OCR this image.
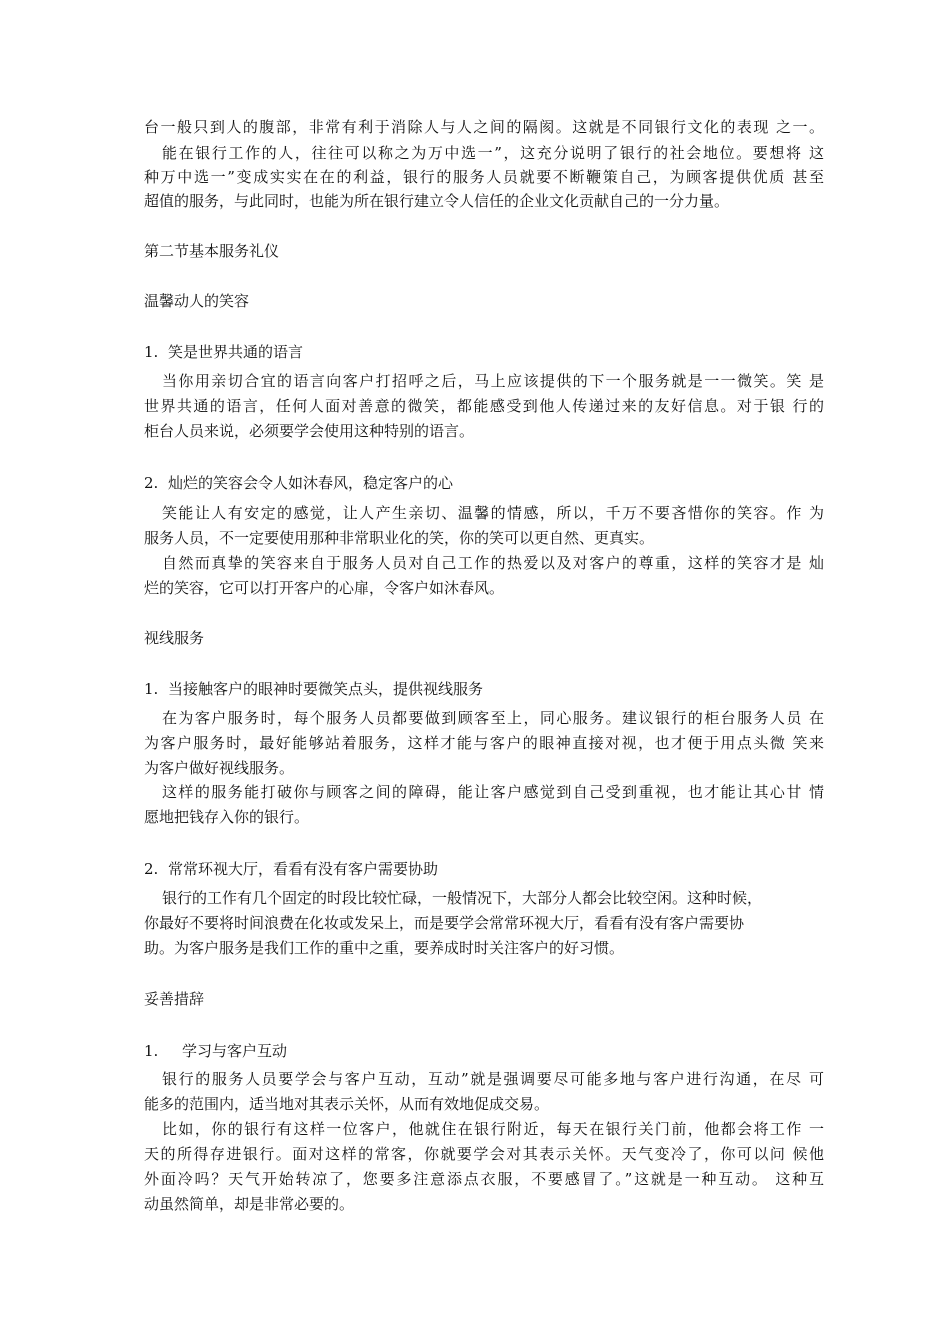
台一般只到人的腹部，非常有利于消除人与人之间的隔阂。这就是不同银行文化的表现 之一。
能在银行工作的人，往往可以称之为万中选一”，这充分说明了银行的社会地位。要想将 这
种万中选一”变成实实在在的利益，银行的服务人员就要不断鞭策自己，为顾客提供优质 甚至
超值的服务，与此同时，也能为所在银行建立令人信任的企业文化贡献自己的一分力量。
第二节基本服务礼仪
温馨动人的笑容
1. 笑是世界共通的语言
当你用亲切合宜的语言向客户打招呼之后，马上应该提供的下一个服务就是一一微笑。笑 是
世界共通的语言，任何人面对善意的微笑，都能感受到他人传递过来的友好信息。对于银 行的
柜台人员来说，必须要学会使用这种特别的语言。
2. 灿烂的笑容会令人如沐春风，稳定客户的心
笑能让人有安定的感觉，让人产生亲切、温馨的情感，所以，千万不要吝惜你的笑容。作 为
服务人员，不一定要使用那种非常职业化的笑，你的笑可以更自然、更真实。
自然而真挚的笑容来自于服务人员对自己工作的热爱以及对客户的尊重，这样的笑容才是 灿
烂的笑容，它可以打开客户的心扉，令客户如沐春风。
视线服务
1. 当接触客户的眼神时要微笑点头，提供视线服务
在为客户服务时，每个服务人员都要做到顾客至上，同心服务。建议银行的柜台服务人员 在
为客户服务时，最好能够站着服务，这样才能与客户的眼神直接对视，也才便于用点头微 笑来
为客户做好视线服务。
这样的服务能打破你与顾客之间的障碍，能让客户感觉到自己受到重视，也才能让其心甘 情
愿地把钱存入你的银行。
2. 常常环视大厅，看看有没有客户需要协助
银行的工作有几个固定的时段比较忙碌，一般情况下，大部分人都会比较空闲。这种时候，
你最好不要将时间浪费在化妆或发呆上，而是要学会常常环视大厅，看看有没有客户需要协
助。为客户服务是我们工作的重中之重，要养成时时关注客户的好习惯。
妥善措辞
1. 学习与客户互动
银行的服务人员要学会与客户互动，互动”就是强调要尽可能多地与客户进行沟通，在尽 可
能多的范围内，适当地对其表示关怀，从而有效地促成交易。
比如，你的银行有这样一位客户，他就住在银行附近，每天在银行关门前，他都会将工作 一
天的所得存进银行。面对这样的常客，你就要学会对其表示关怀。天气变冷了，你可以问 候他
外面冷吗？天气开始转凉了，您要多注意添点衣服，不要感冒了。”这就是一种互动。 这种互
动虽然简单，却是非常必要的。
